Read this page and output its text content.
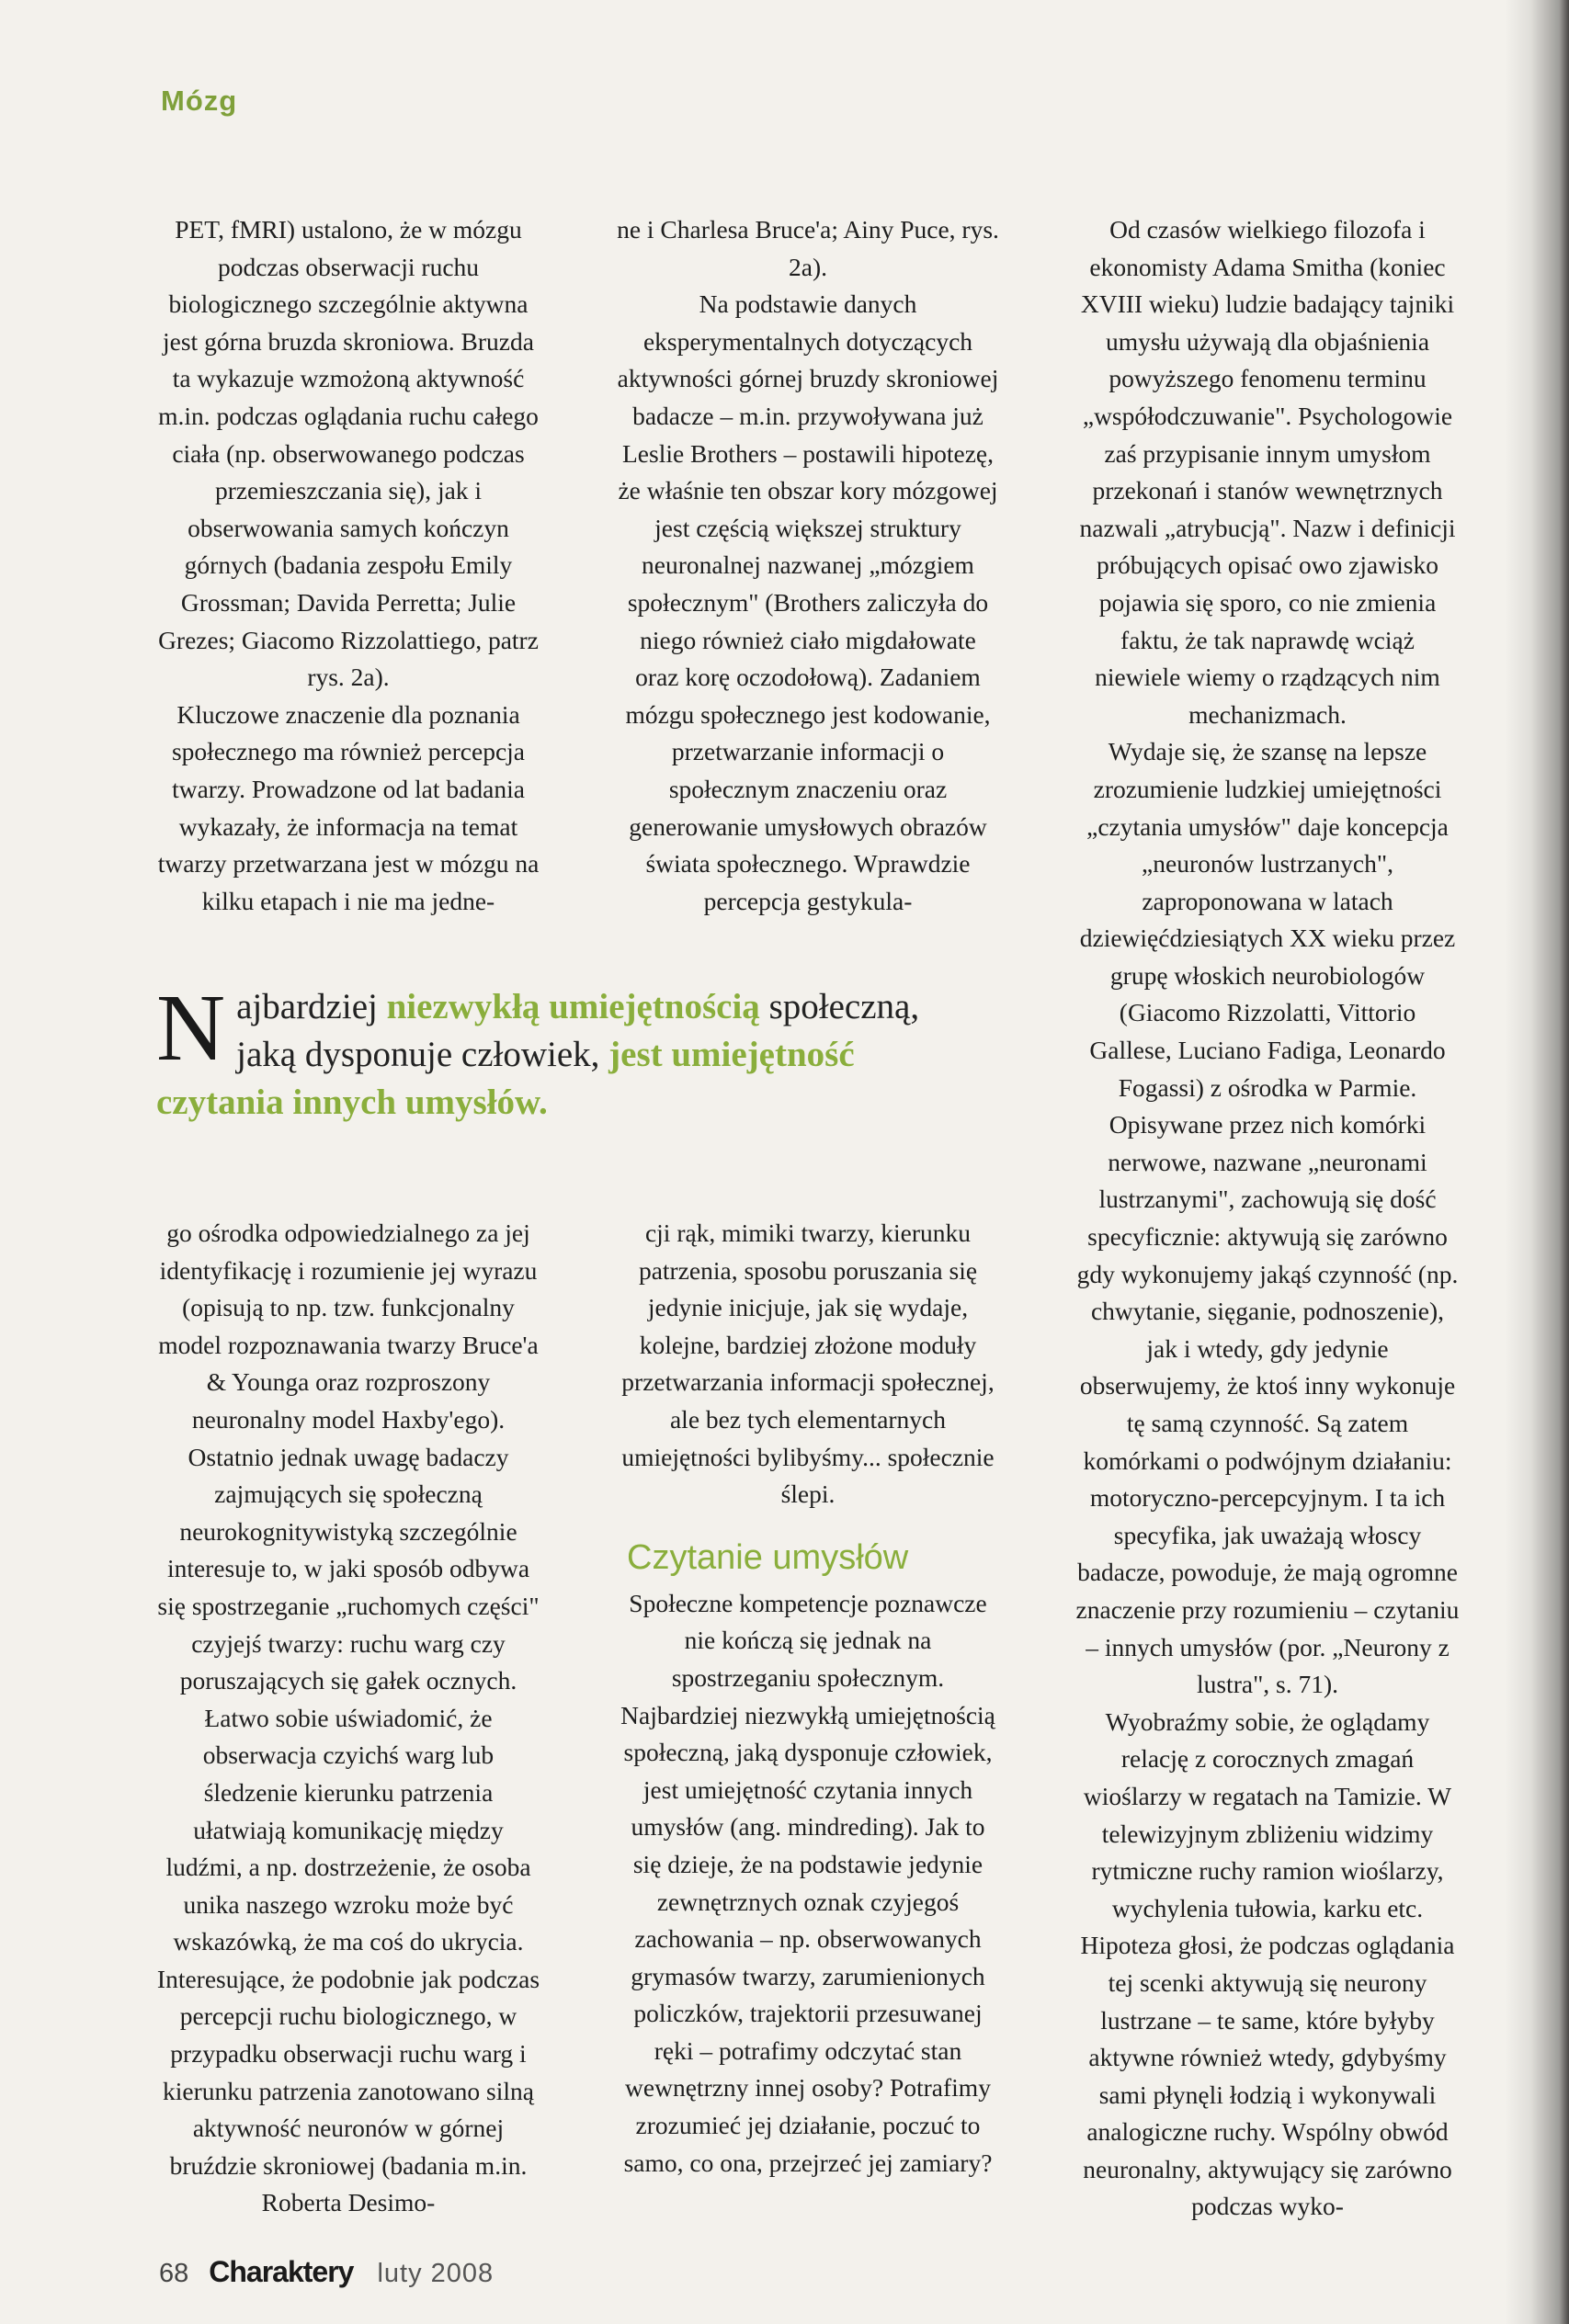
Mózg

PET, fMRI) ustalono, że w mózgu podczas obserwacji ruchu biologicznego szczególnie aktywna jest górna bruzda skroniowa. Bruzda ta wykazuje wzmożoną aktywność m.in. podczas oglądania ruchu całego ciała (np. obserwowanego podczas przemieszczania się), jak i obserwowania samych kończyn górnych (badania zespołu Emily Grossman; Davida Perretta; Julie Grezes; Giacomo Rizzolattiego, patrz rys. 2a).

Kluczowe znaczenie dla poznania społecznego ma również percepcja twarzy. Prowadzone od lat badania wykazały, że informacja na temat twarzy przetwarzana jest w mózgu na kilku etapach i nie ma jedne-

ne i Charlesa Bruce'a; Ainy Puce, rys. 2a).

Na podstawie danych eksperymentalnych dotyczących aktywności górnej bruzdy skroniowej badacze – m.in. przywoływana już Leslie Brothers – postawili hipotezę, że właśnie ten obszar kory mózgowej jest częścią większej struktury neuronalnej nazwanej „mózgiem społecznym" (Brothers zaliczyła do niego również ciało migdałowate oraz korę oczodołową). Zadaniem mózgu społecznego jest kodowanie, przetwarzanie informacji o społecznym znaczeniu oraz generowanie umysłowych obrazów świata społecznego. Wprawdzie percepcja gestykula-

Od czasów wielkiego filozofa i ekonomisty Adama Smitha (koniec XVIII wieku) ludzie badający tajniki umysłu używają dla objaśnienia powyższego fenomenu terminu „współodczuwanie". Psychologowie zaś przypisanie innym umysłom przekonań i stanów wewnętrznych nazwali „atrybucją". Nazw i definicji próbujących opisać owo zjawisko pojawia się sporo, co nie zmienia faktu, że tak naprawdę wciąż niewiele wiemy o rządzących nim mechanizmach.

Wydaje się, że szansę na lepsze zrozumienie ludzkiej umiejętności „czytania umysłów" daje koncepcja „neuronów lustrzanych", zaproponowana w latach dziewięćdziesiątych XX wieku przez grupę włoskich neurobiologów (Giacomo Rizzolatti, Vittorio Gallese, Luciano Fadiga, Leonardo Fogassi) z ośrodka w Parmie. Opisywane przez nich komórki nerwowe, nazwane „neuronami lustrzanymi", zachowują się dość specyficznie: aktywują się zarówno gdy wykonujemy jakąś czynność (np. chwytanie, sięganie, podnoszenie), jak i wtedy, gdy jedynie obserwujemy, że ktoś inny wykonuje tę samą czynność. Są zatem komórkami o podwójnym działaniu: motoryczno-percepcyjnym. I ta ich specyfika, jak uważają włoscy badacze, powoduje, że mają ogromne znaczenie przy rozumieniu – czytaniu – innych umysłów (por. „Neurony z lustra", s. 71).

Wyobraźmy sobie, że oglądamy relację z corocznych zmagań wioślarzy w regatach na Tamizie. W telewizyjnym zbliżeniu widzimy rytmiczne ruchy ramion wioślarzy, wychylenia tułowia, karku etc. Hipoteza głosi, że podczas oglądania tej scenki aktywują się neurony lustrzane – te same, które byłyby aktywne również wtedy, gdybyśmy sami płynęli łodzią i wykonywali analogiczne ruchy. Wspólny obwód neuronalny, aktywujący się zarówno podczas wyko-

Najbardziej niezwykłą umiejętnością społeczną, jaką dysponuje człowiek, jest umiejętność czytania innych umysłów.

go ośrodka odpowiedzialnego za jej identyfikację i rozumienie jej wyrazu (opisują to np. tzw. funkcjonalny model rozpoznawania twarzy Bruce'a & Younga oraz rozproszony neuronalny model Haxby'ego). Ostatnio jednak uwagę badaczy zajmujących się społeczną neurokognitywistyką szczególnie interesuje to, w jaki sposób odbywa się spostrzeganie „ruchomych części" czyjejś twarzy: ruchu warg czy poruszających się gałek ocznych. Łatwo sobie uświadomić, że obserwacja czyichś warg lub śledzenie kierunku patrzenia ułatwiają komunikację między ludźmi, a np. dostrzeżenie, że osoba unika naszego wzroku może być wskazówką, że ma coś do ukrycia.

Interesujące, że podobnie jak podczas percepcji ruchu biologicznego, w przypadku obserwacji ruchu warg i kierunku patrzenia zanotowano silną aktywność neuronów w górnej bruździe skroniowej (badania m.in. Roberta Desimo-

cji rąk, mimiki twarzy, kierunku patrzenia, sposobu poruszania się jedynie inicjuje, jak się wydaje, kolejne, bardziej złożone moduły przetwarzania informacji społecznej, ale bez tych elementarnych umiejętności bylibyśmy... społecznie ślepi.

Czytanie umysłów

Społeczne kompetencje poznawcze nie kończą się jednak na spostrzeganiu społecznym. Najbardziej niezwykłą umiejętnością społeczną, jaką dysponuje człowiek, jest umiejętność czytania innych umysłów (ang. mindreding). Jak to się dzieje, że na podstawie jedynie zewnętrznych oznak czyjegoś zachowania – np. obserwowanych grymasów twarzy, zarumienionych policzków, trajektorii przesuwanej ręki – potrafimy odczytać stan wewnętrzny innej osoby? Potrafimy zrozumieć jej działanie, poczuć to samo, co ona, przejrzeć jej zamiary?

68 Charaktery luty 2008
